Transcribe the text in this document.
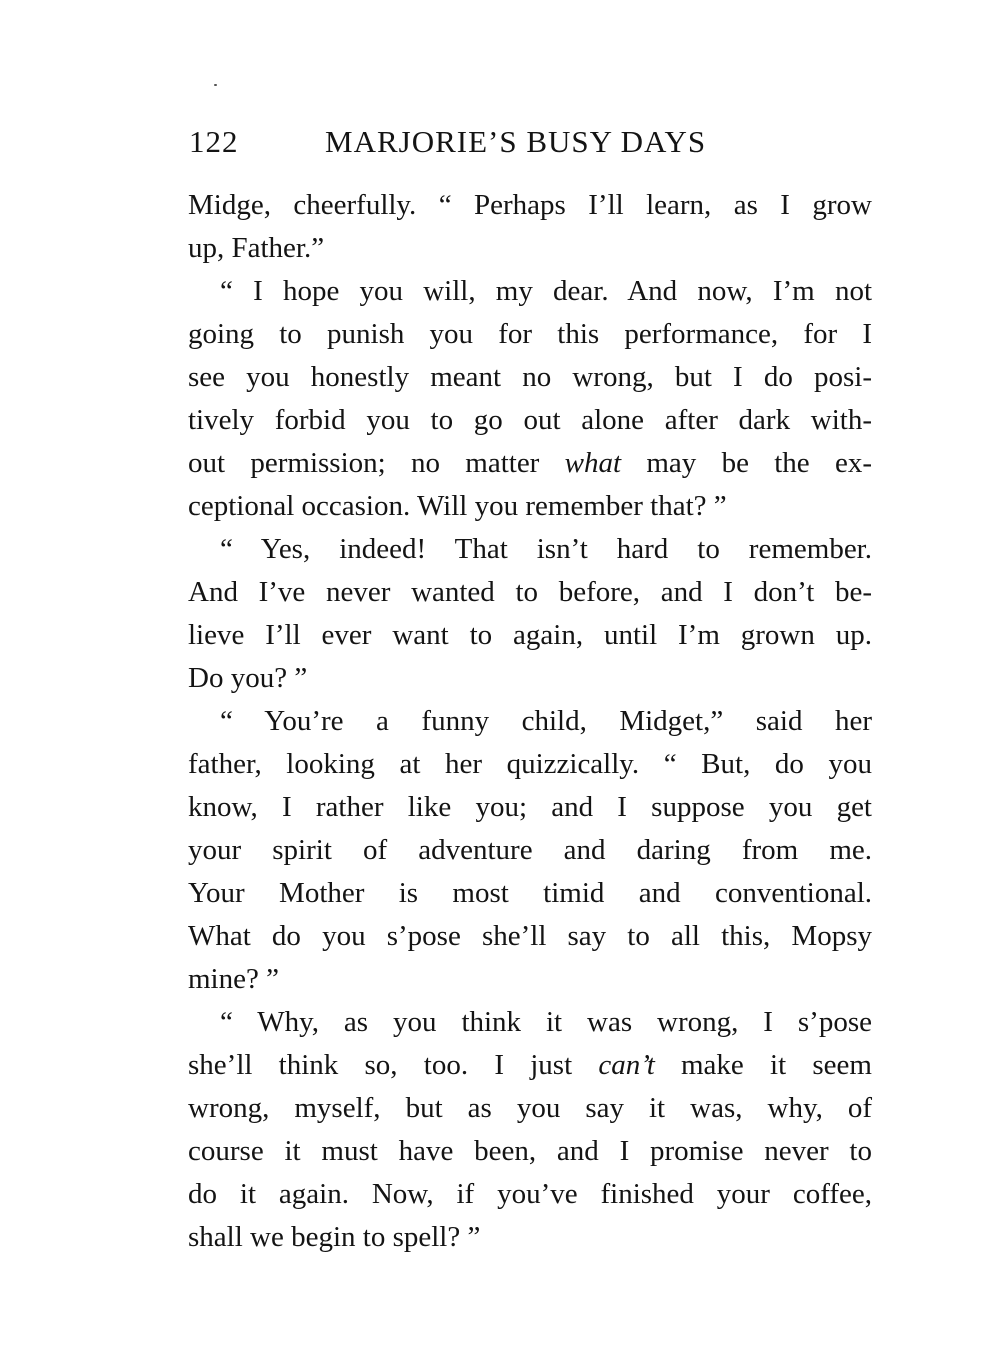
122	MARJORIE’S BUSY DAYS
Midge, cheerfully. “ Perhaps I’ll learn, as I grow
up, Father.”
“ I hope you will, my dear. And now, I’m not
going to punish you for this performance, for I
see you honestly meant no wrong, but I do posi-
tively forbid you to go out alone after dark with-
out permission; no matter what may be the ex-
ceptional occasion. Will you remember that? ”
“ Yes, indeed! That isn’t hard to remember.
And I’ve never wanted to before, and I don’t be-
lieve I’ll ever want to again, until I’m grown up.
Do you? ”
“ You’re a funny child, Midget,” said her
father, looking at her quizzically. “ But, do you
know, I rather like you; and I suppose you get
your spirit of adventure and daring from me.
Your Mother is most timid and conventional.
What do you s’pose she’ll say to all this, Mopsy
mine? ”
“ Why, as you think it was wrong, I s’pose
she’ll think so, too. I just can’t make it seem
wrong, myself, but as you say it was, why, of
course it must have been, and I promise never to
do it again. Now, if you’ve finished your coffee,
shall we begin to spell? ”
